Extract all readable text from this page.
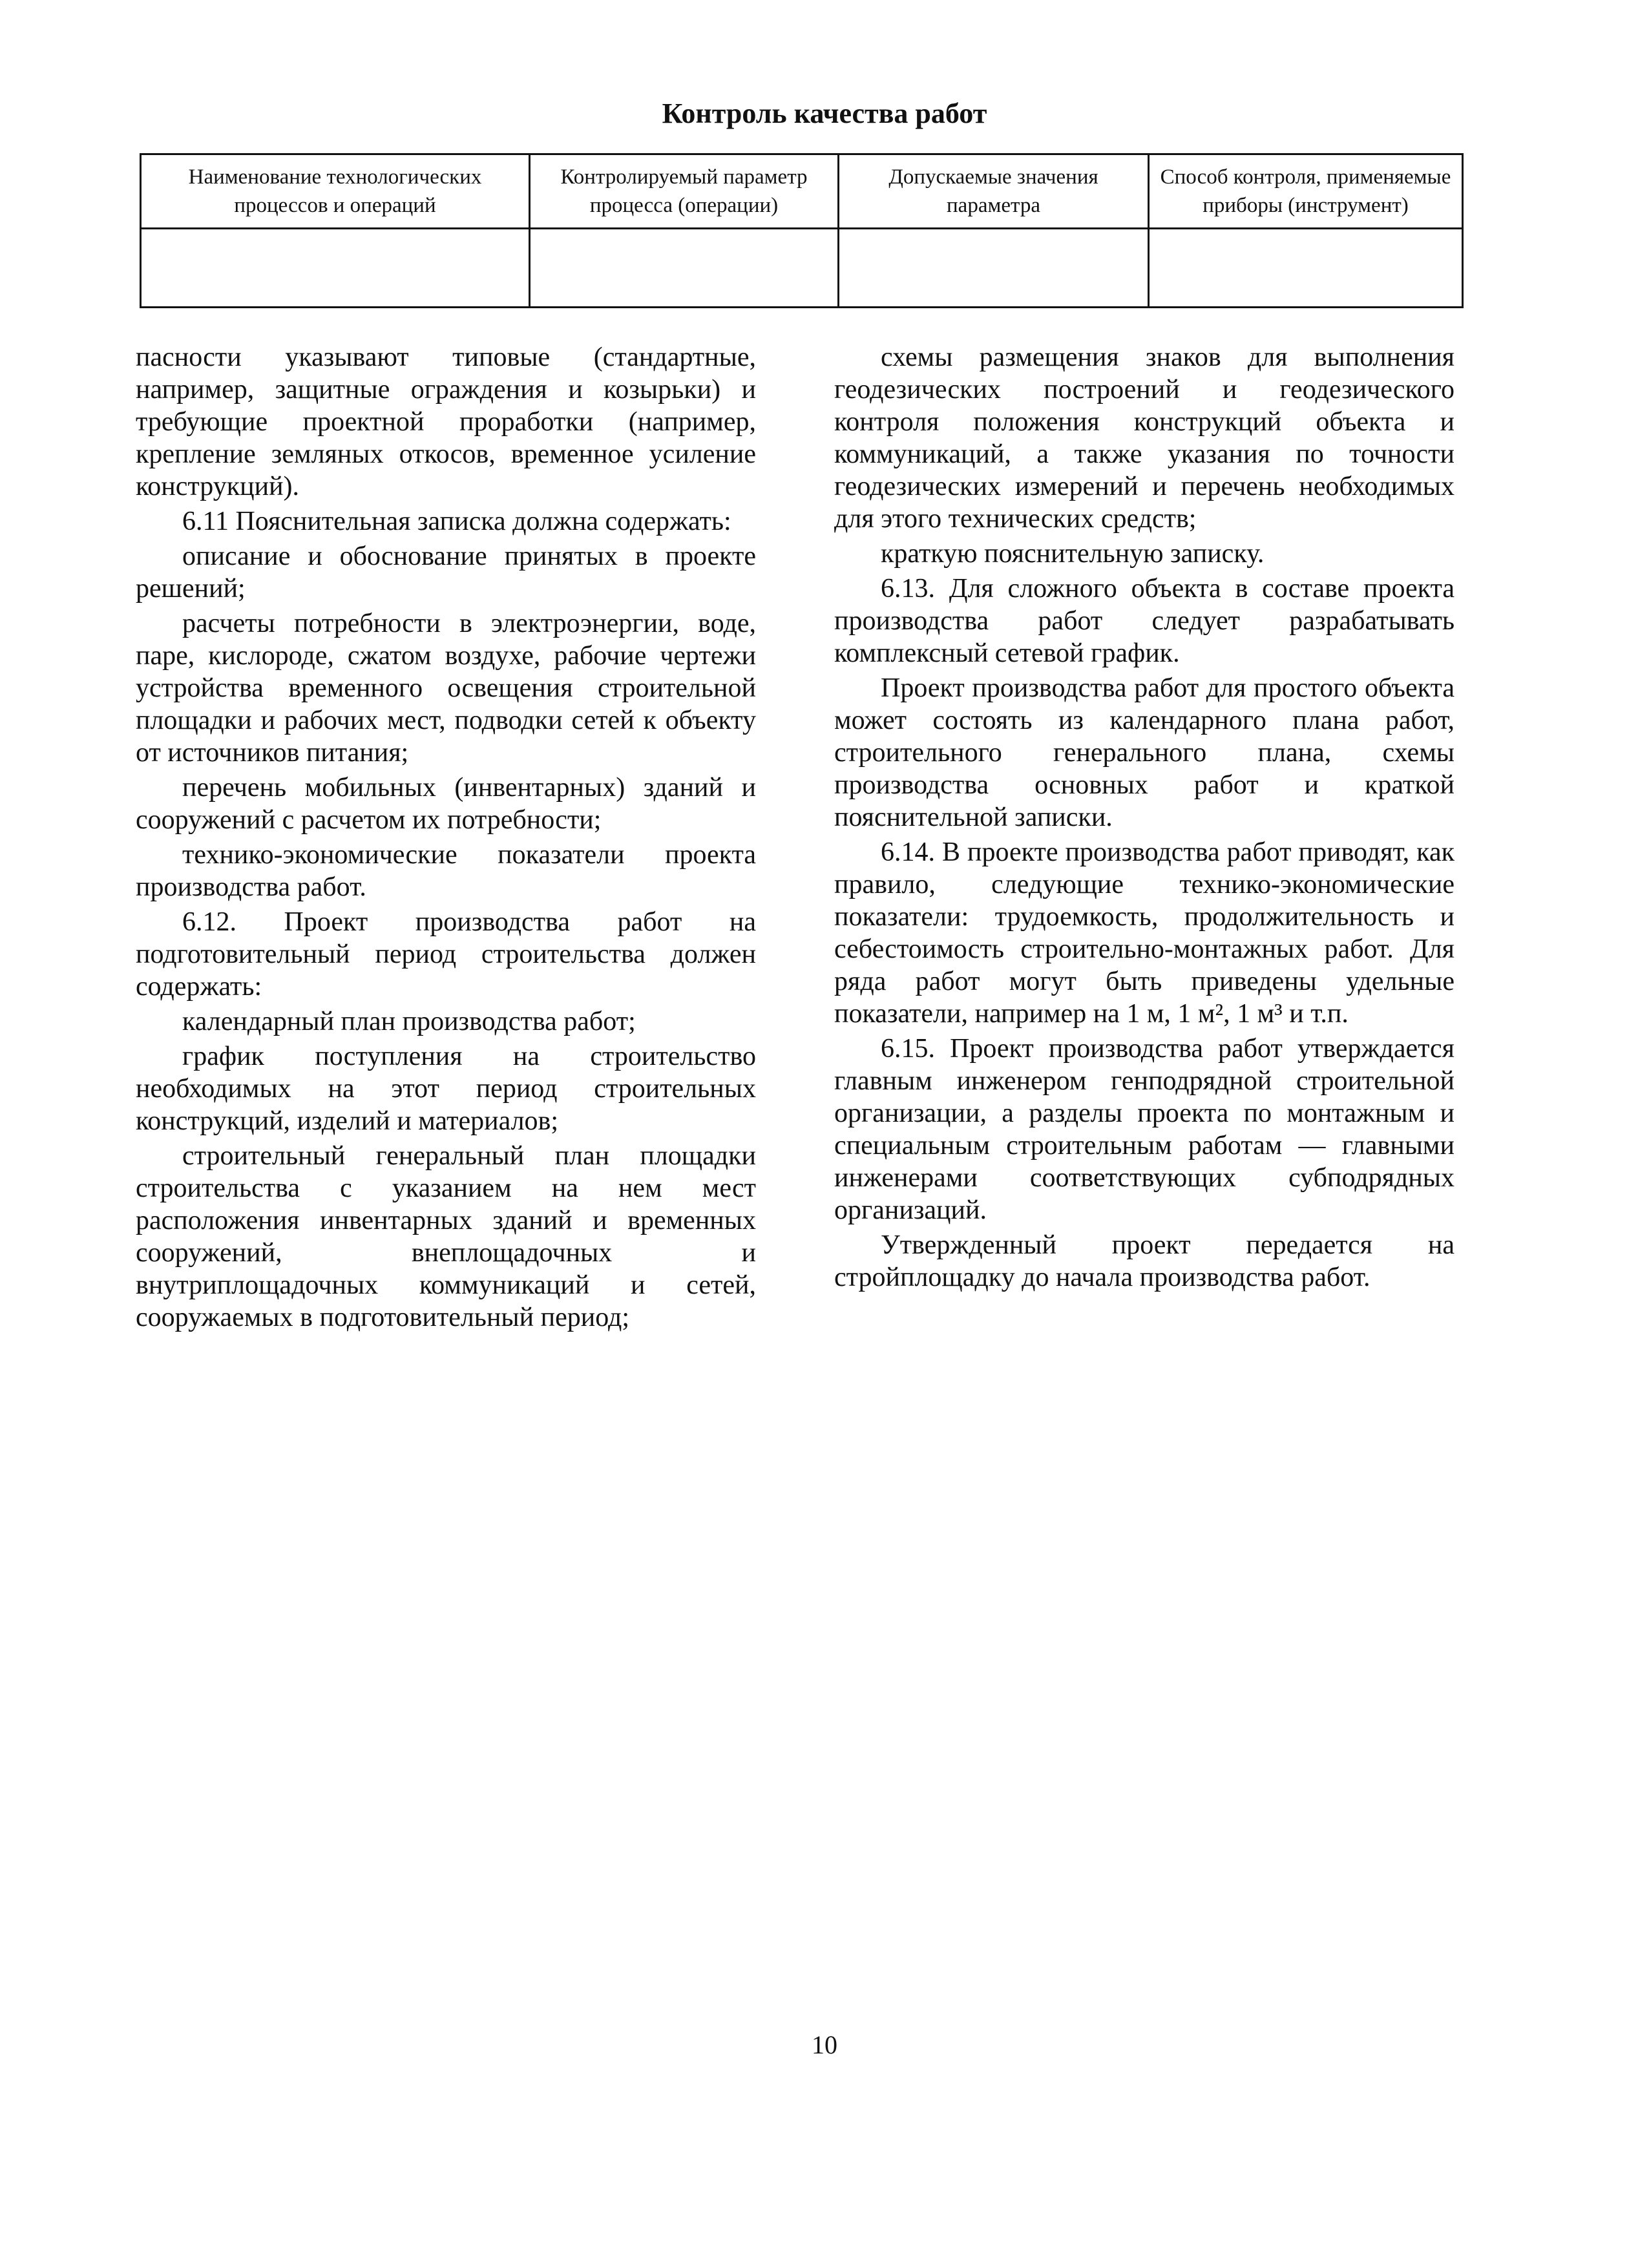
Контроль качества работ
Наименование технологических процессов и операций	Контролируемый параметр процесса (операции)	Допускаемые значения параметра	Способ контроля, применяемые приборы (инструмент)

пасности указывают типовые (стандартные, например, защитные ограждения и козырьки) и требующие проектной проработки (например, крепление земляных откосов, временное усиление конструкций).

6.11 Пояснительная записка должна содержать:

описание и обоснование принятых в проекте решений;

расчеты потребности в электроэнергии, воде, паре, кислороде, сжатом воздухе, рабочие чертежи устройства временного освещения строительной площадки и рабочих мест, подводки сетей к объекту от источников питания;

перечень мобильных (инвентарных) зданий и сооружений с расчетом их потребности;

технико-экономические показатели проекта производства работ.

6.12. Проект производства работ на подготовительный период строительства должен содержать:

календарный план производства работ;

график поступления на строительство необходимых на этот период строительных конструкций, изделий и материалов;

строительный генеральный план площадки строительства с указанием на нем мест расположения инвентарных зданий и временных сооружений, внеплощадочных и внутриплощадочных коммуникаций и сетей, сооружаемых в подготовительный период;

схемы размещения знаков для выполнения геодезических построений и геодезического контроля положения конструкций объекта и коммуникаций, а также указания по точности геодезических измерений и перечень необходимых для этого технических средств;

краткую пояснительную записку.

6.13. Для сложного объекта в составе проекта производства работ следует разрабатывать комплексный сетевой график.

Проект производства работ для простого объекта может состоять из календарного плана работ, строительного генерального плана, схемы производства основных работ и краткой пояснительной записки.

6.14. В проекте производства работ приводят, как правило, следующие технико-экономические показатели: трудоемкость, продолжительность и себестоимость строительно-монтажных работ. Для ряда работ могут быть приведены удельные показатели, например на 1 м, 1 м², 1 м³ и т.п.

6.15. Проект производства работ утверждается главным инженером генподрядной строительной организации, а разделы проекта по монтажным и специальным строительным работам — главными инженерами соответствующих субподрядных организаций.

Утвержденный проект передается на стройплощадку до начала производства работ.

10
